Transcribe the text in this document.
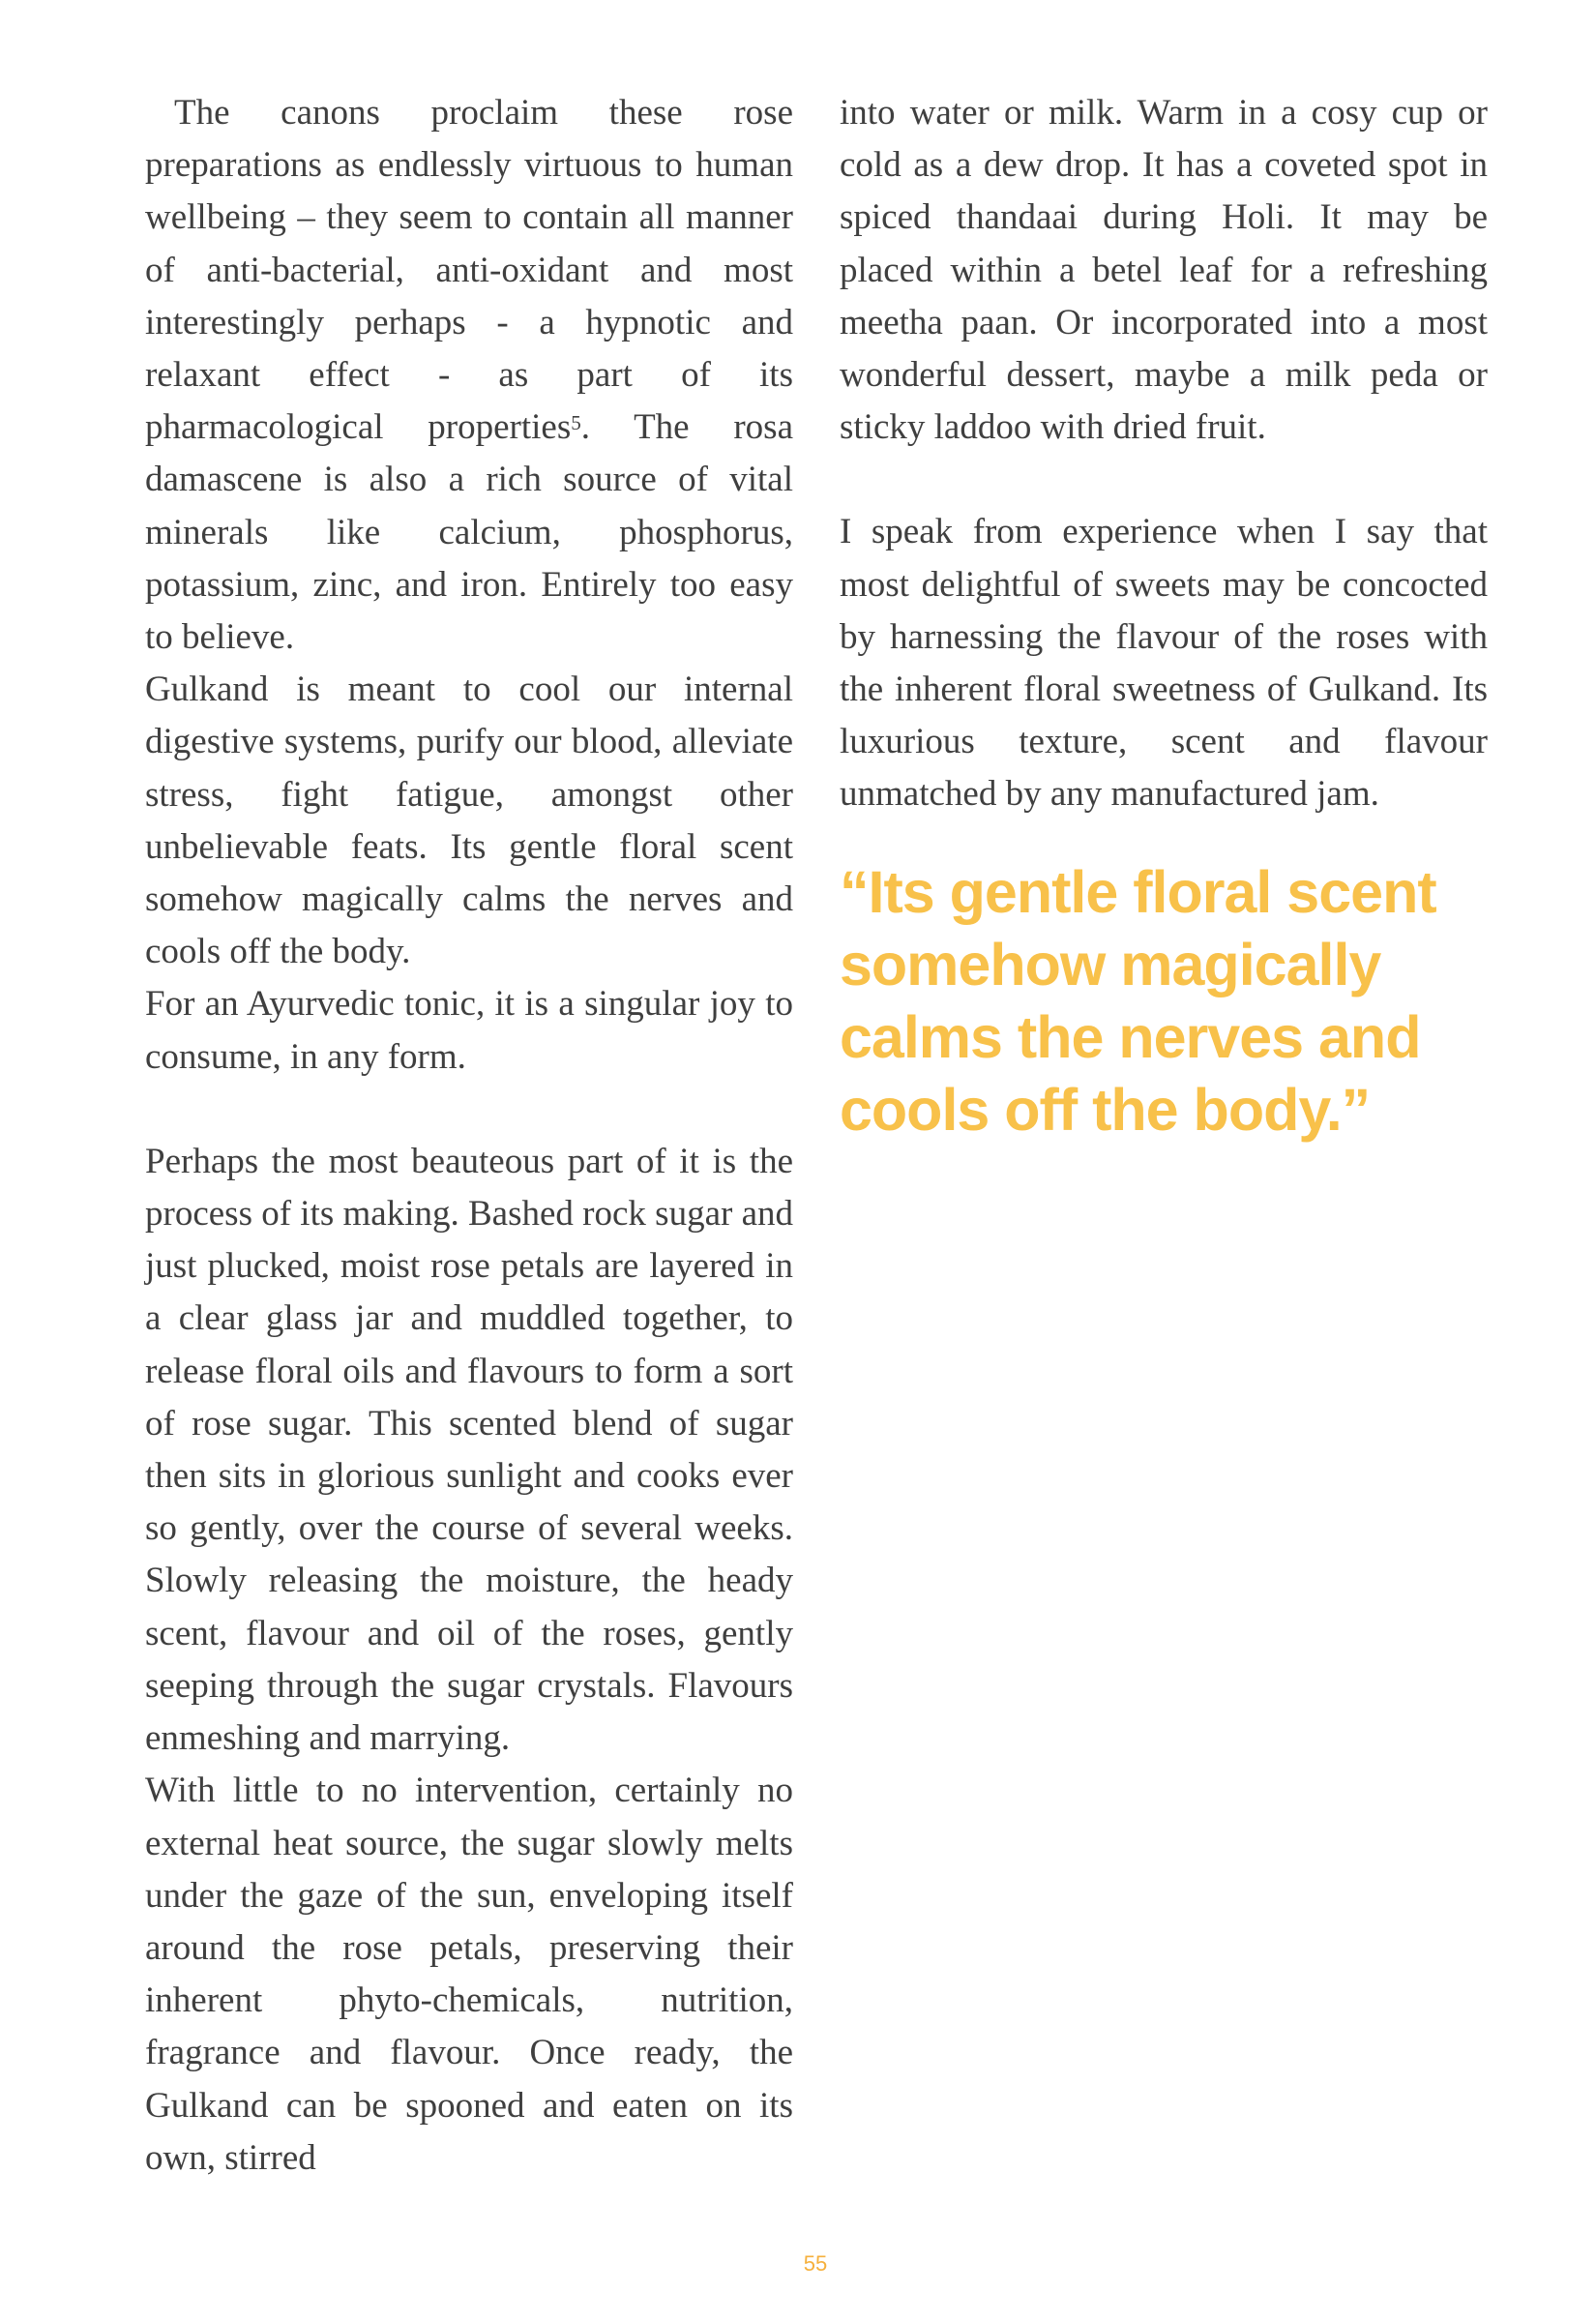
The canons proclaim these rose preparations as endlessly virtuous to human wellbeing – they seem to contain all manner of anti-bacterial, anti-oxidant and most interestingly perhaps - a hypnotic and relaxant effect - as part of its pharmacological properties$^5$. The rosa damascene is also a rich source of vital minerals like calcium, phosphorus, potassium, zinc, and iron. Entirely too easy to believe.

Gulkand is meant to cool our internal digestive systems, purify our blood, alleviate stress, fight fatigue, amongst other unbelievable feats. Its gentle floral scent somehow magically calms the nerves and cools off the body.

For an Ayurvedic tonic, it is a singular joy to consume, in any form.

Perhaps the most beauteous part of it is the process of its making. Bashed rock sugar and just plucked, moist rose petals are layered in a clear glass jar and muddled together, to release floral oils and flavours to form a sort of rose sugar. This scented blend of sugar then sits in glorious sunlight and cooks ever so gently, over the course of several weeks. Slowly releasing the moisture, the heady scent, flavour and oil of the roses, gently seeping through the sugar crystals. Flavours enmeshing and marrying.

With little to no intervention, certainly no external heat source, the sugar slowly melts under the gaze of the sun, enveloping itself around the rose petals, preserving their inherent phyto-chemicals, nutrition, fragrance and flavour. Once ready, the Gulkand can be spooned and eaten on its own, stirred

into water or milk. Warm in a cosy cup or cold as a dew drop. It has a coveted spot in spiced thandaai during Holi. It may be placed within a betel leaf for a refreshing meetha paan. Or incorporated into a most wonderful dessert, maybe a milk peda or sticky laddoo with dried fruit.

I speak from experience when I say that most delightful of sweets may be concocted by harnessing the flavour of the roses with the inherent floral sweetness of Gulkand. Its luxurious texture, scent and flavour unmatched by any manufactured jam.

“Its gentle floral scent somehow magically calms the nerves and cools off the body.”
55
